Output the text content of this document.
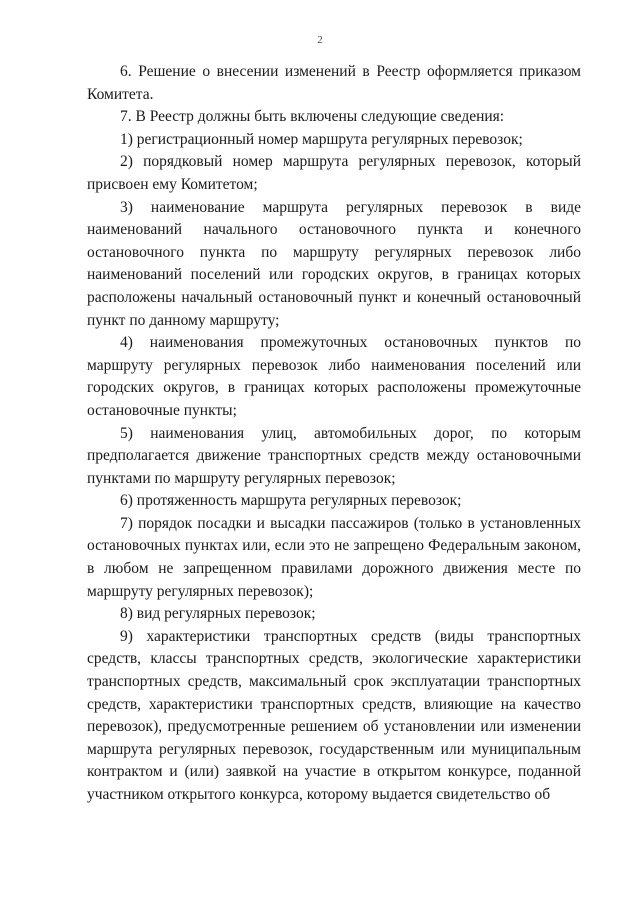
2

6. Решение о внесении изменений в Реестр оформляется приказом Комитета.

7. В Реестр должны быть включены следующие сведения:

1) регистрационный номер маршрута регулярных перевозок;

2) порядковый номер маршрута регулярных перевозок, который присвоен ему Комитетом;

3) наименование маршрута регулярных перевозок в виде наименований начального остановочного пункта и конечного остановочного пункта по маршруту регулярных перевозок либо наименований поселений или городских округов, в границах которых расположены начальный остановочный пункт и конечный остановочный пункт по данному маршруту;

4) наименования промежуточных остановочных пунктов по маршруту регулярных перевозок либо наименования поселений или городских округов, в границах которых расположены промежуточные остановочные пункты;

5) наименования улиц, автомобильных дорог, по которым предполагается движение транспортных средств между остановочными пунктами по маршруту регулярных перевозок;

6) протяженность маршрута регулярных перевозок;

7) порядок посадки и высадки пассажиров (только в установленных остановочных пунктах или, если это не запрещено Федеральным законом, в любом не запрещенном правилами дорожного движения месте по маршруту регулярных перевозок);

8) вид регулярных перевозок;

9) характеристики транспортных средств (виды транспортных средств, классы транспортных средств, экологические характеристики транспортных средств, максимальный срок эксплуатации транспортных средств, характеристики транспортных средств, влияющие на качество перевозок), предусмотренные решением об установлении или изменении маршрута регулярных перевозок, государственным или муниципальным контрактом и (или) заявкой на участие в открытом конкурсе, поданной участником открытого конкурса, которому выдается свидетельство об
